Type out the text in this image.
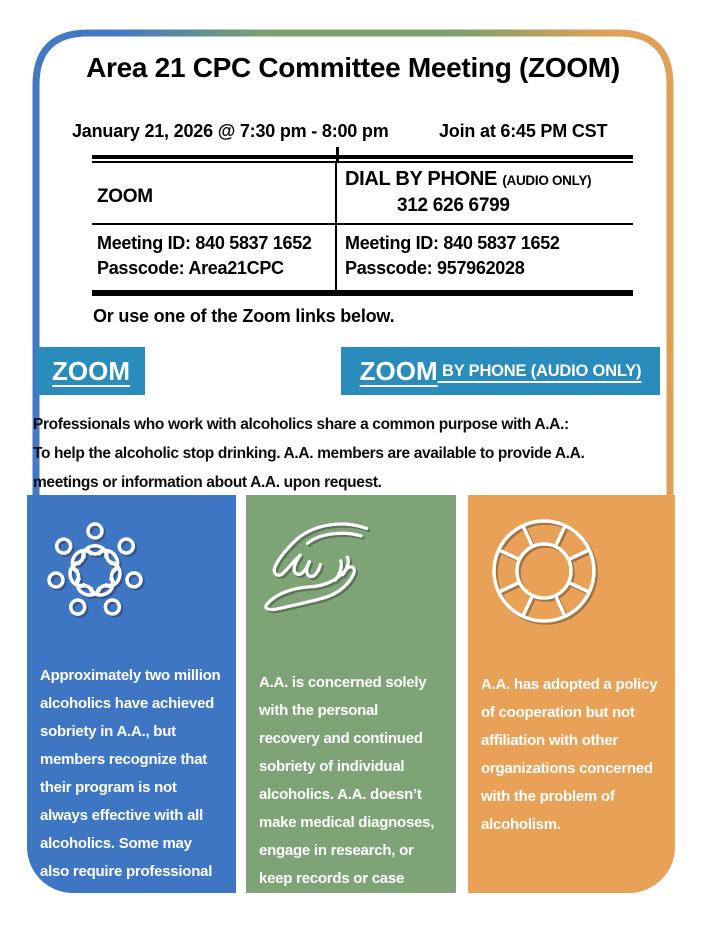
Area 21 CPC Committee Meeting (ZOOM)
January 21, 2026 @ 7:30 pm - 8:00 pm	Join at 6:45 PM CST
ZOOM
DIAL BY PHONE (AUDIO ONLY)
312 626 6799
Meeting ID: 840 5837 1652
Passcode: Area21CPC
Meeting ID: 840 5837 1652
Passcode: 957962028

Or use one of the Zoom links below.

ZOOM	ZOOM BY PHONE (AUDIO ONLY)
Professionals who work with alcoholics share a common purpose with A.A.:
To help the alcoholic stop drinking. A.A. members are available to provide A.A.
meetings or information about A.A. upon request.
Approximately two million
alcoholics have achieved
sobriety in A.A., but
members recognize that
their program is not
always effective with all
alcoholics. Some may
also require professional
counseling or medical
treatment.
A.A. is concerned solely
with the personal
recovery and continued
sobriety of individual
alcoholics. A.A. doesn’t
make medical diagnoses,
engage in research, or
keep records or case
histories of members
A.A. has adopted a policy
of cooperation but not
affiliation with other
organizations concerned
with the problem of
alcoholism.
